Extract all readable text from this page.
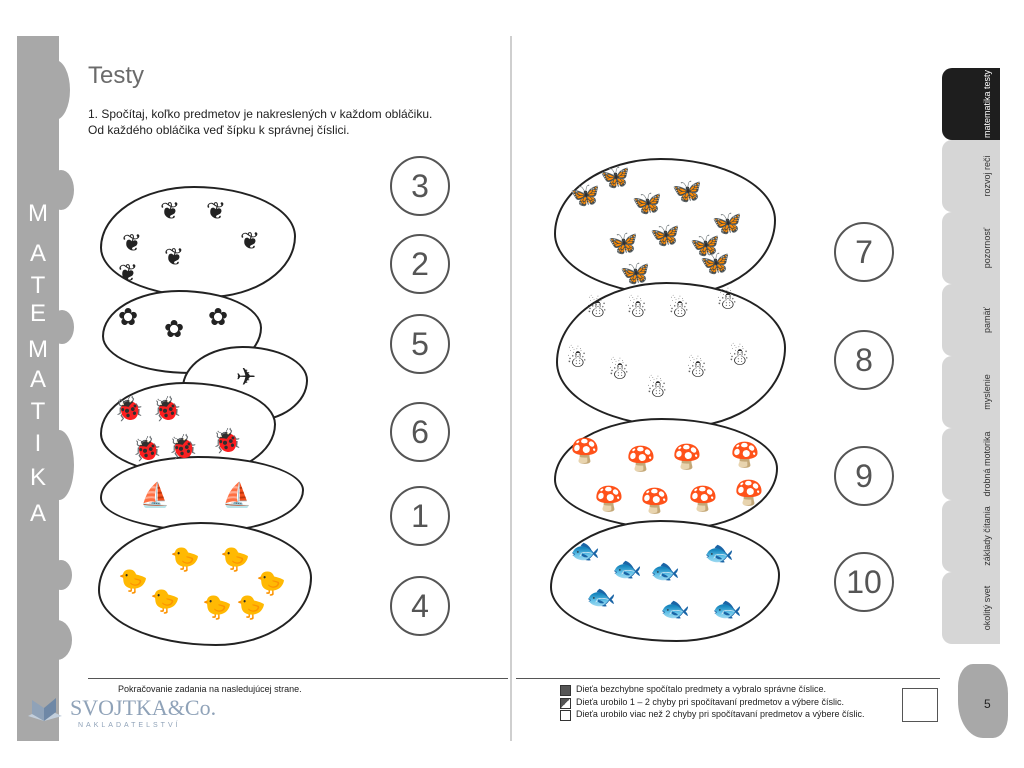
M
A
T
E
M
A
T
I
K
A
Testy
1. Spočítaj, koľko predmetov je nakreslených v každom obláčiku.
Od každého obláčika veď šípku k správnej číslici.
❦
❦ ❦
❦
❦
❦
✿ ✿ ✿
✈
🐞 🐞
🐞 🐞
🐞
⛵ ⛵
🐤
🐤 🐤
🐤
🐤 🐤 🐤
3
2
5
6
1
4
🦋
🦋
🦋 🦋
🦋
🦋 🦋 🦋
🦋 🦋
☃ ☃ ☃ ☃
☃ ☃
☃
☃ ☃
🍄 🍄 🍄 🍄
🍄 🍄 🍄 🍄
🐟
🐟 🐟
🐟
🐟 🐟 🐟
7
8
9
10
matematika testy
rozvoj reči
pozornosť
pamäť
myslenie
drobná motorika
základy čítania
okolitý svet
Pokračovanie zadania na nasledujúcej strane.	Dieťa bezchybne spočítalo predmety a vybralo správne číslice.
Dieťa urobilo 1 – 2 chyby pri spočítavaní predmetov a výbere číslic.
Dieťa urobilo viac než 2 chyby pri spočítavaní predmetov a výbere číslic.
5
SVOJTKA&Co.
NAKLADATELSTVÍ
